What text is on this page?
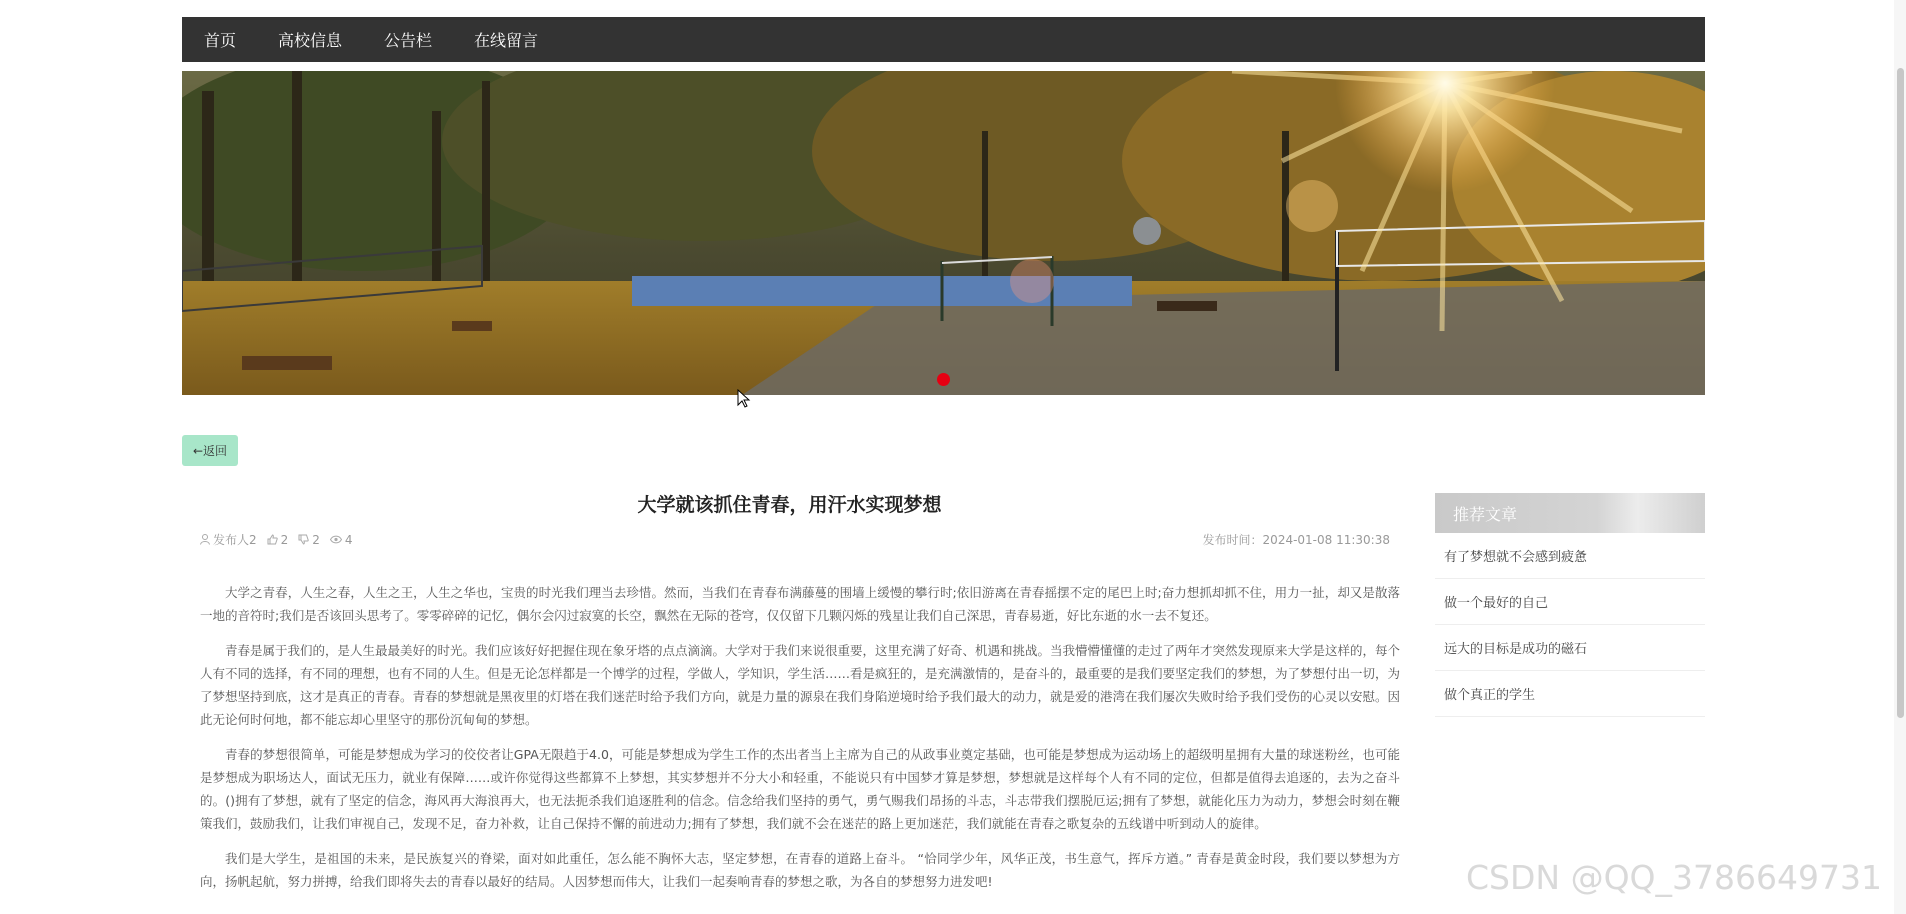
首页	高校信息	公告栏	在线留言
←返回
大学就该抓住青春，用汗水实现梦想
发布人2 2 2 4	发布时间：2024-01-08 11:30:38

大学之青春，人生之春，人生之王，人生之华也，宝贵的时光我们理当去珍惜。然而，当我们在青春布满藤蔓的围墙上缓慢的攀行时;依旧游离在青春摇摆不定的尾巴上时;奋力想抓却抓不住，用力一扯，却又是散落一地的音符时;我们是否该回头思考了。零零碎碎的记忆，偶尔会闪过寂寞的长空，飘然在无际的苍穹，仅仅留下几颗闪烁的残星让我们自己深思，青春易逝，好比东逝的水一去不复还。

青春是属于我们的，是人生最最美好的时光。我们应该好好把握住现在象牙塔的点点滴滴。大学对于我们来说很重要，这里充满了好奇、机遇和挑战。当我懵懵懂懂的走过了两年才突然发现原来大学是这样的，每个人有不同的选择，有不同的理想，也有不同的人生。但是无论怎样都是一个博学的过程，学做人，学知识，学生活……看是疯狂的，是充满激情的，是奋斗的，最重要的是我们要坚定我们的梦想，为了梦想付出一切，为了梦想坚持到底，这才是真正的青春。青春的梦想就是黑夜里的灯塔在我们迷茫时给予我们方向，就是力量的源泉在我们身陷逆境时给予我们最大的动力，就是爱的港湾在我们屡次失败时给予我们受伤的心灵以安慰。因此无论何时何地，都不能忘却心里坚守的那份沉甸甸的梦想。

青春的梦想很简单，可能是梦想成为学习的佼佼者让GPA无限趋于4.0，可能是梦想成为学生工作的杰出者当上主席为自己的从政事业奠定基础，也可能是梦想成为运动场上的超级明星拥有大量的球迷粉丝，也可能是梦想成为职场达人，面试无压力，就业有保障……或许你觉得这些都算不上梦想，其实梦想并不分大小和轻重，不能说只有中国梦才算是梦想，梦想就是这样每个人有不同的定位，但都是值得去追逐的，去为之奋斗的。()拥有了梦想，就有了坚定的信念，海风再大海浪再大，也无法扼杀我们追逐胜利的信念。信念给我们坚持的勇气，勇气赐我们昂扬的斗志，斗志带我们摆脱厄运;拥有了梦想，就能化压力为动力，梦想会时刻在鞭策我们，鼓励我们，让我们审视自己，发现不足，奋力补救，让自己保持不懈的前进动力;拥有了梦想，我们就不会在迷茫的路上更加迷茫，我们就能在青春之歌复杂的五线谱中听到动人的旋律。

我们是大学生，是祖国的未来，是民族复兴的脊梁，面对如此重任，怎么能不胸怀大志，坚定梦想，在青春的道路上奋斗。 “恰同学少年，风华正茂，书生意气，挥斥方遒。” 青春是黄金时段，我们要以梦想为方向，扬帆起航，努力拼搏，给我们即将失去的青春以最好的结局。人因梦想而伟大，让我们一起奏响青春的梦想之歌，为各自的梦想努力进发吧!

推荐文章
有了梦想就不会感到疲惫
做一个最好的自己
远大的目标是成功的磁石
做个真正的学生
CSDN @QQ_3786649731
